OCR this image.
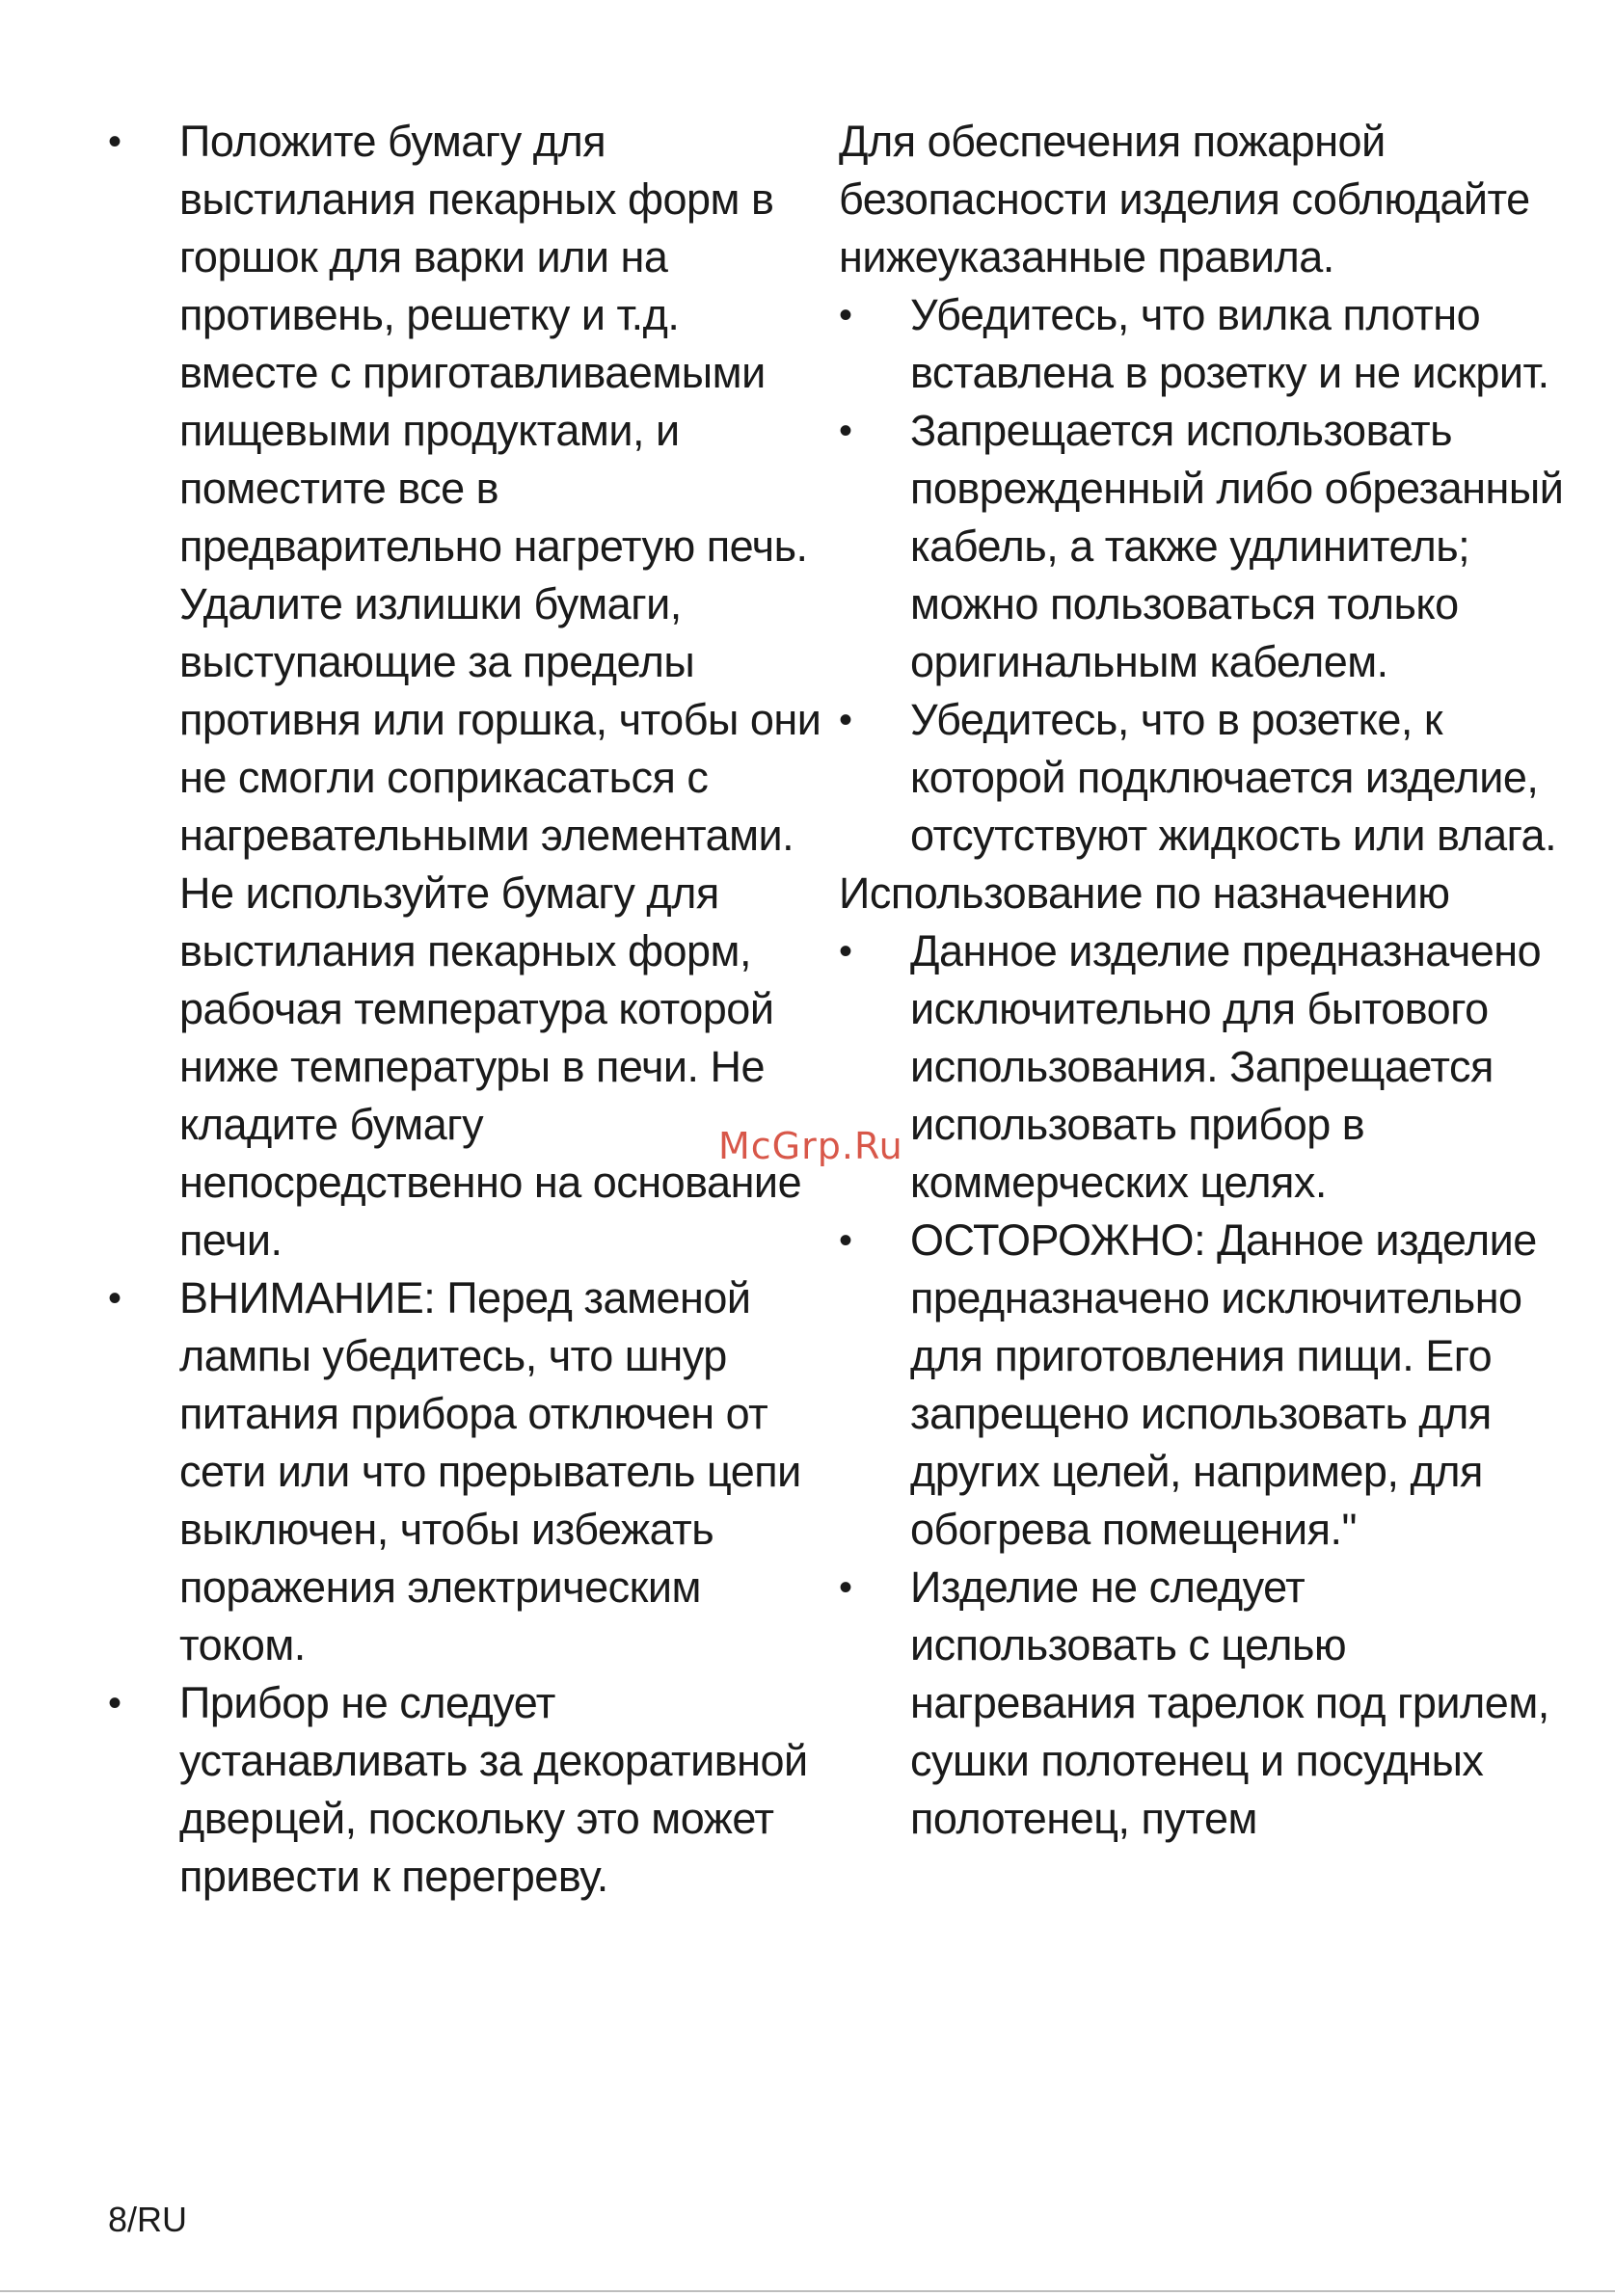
• Положите бумагу для выстилания пекарных форм в горшок для варки или на противень, решетку и т.д. вместе с приготавливаемыми пищевыми продуктами, и поместите все в предварительно нагретую печь. Удалите излишки бумаги, выступающие за пределы противня или горшка, чтобы они не смогли соприкасаться с нагревательными элементами. Не используйте бумагу для выстилания пекарных форм, рабочая температура которой ниже температуры в печи. Не кладите бумагу непосредственно на основание печи.
• ВНИМАНИЕ: Перед заменой лампы убедитесь, что шнур питания прибора отключен от сети или что прерыватель цепи выключен, чтобы избежать поражения электрическим током.
• Прибор не следует устанавливать за декоративной дверцей, поскольку это может привести к перегреву.

Для обеспечения пожарной безопасности изделия соблюдайте нижеуказанные правила.

• Убедитесь, что вилка плотно вставлена в розетку и не искрит.
• Запрещается использовать поврежденный либо обрезанный кабель, а также удлинитель; можно пользоваться только оригинальным кабелем.
• Убедитесь, что в розетке, к которой подключается изделие, отсутствуют жидкость или влага.

Использование по назначению

• Данное изделие предназначено исключительно для бытового использования. Запрещается использовать прибор в коммерческих целях.
• ОСТОРОЖНО: Данное изделие предназначено исключительно для приготовления пищи. Его запрещено использовать для других целей, например, для обогрева помещения."
• Изделие не следует использовать с целью нагревания тарелок под грилем, сушки полотенец и посудных полотенец, путем
McGrp.Ru
8/RU
